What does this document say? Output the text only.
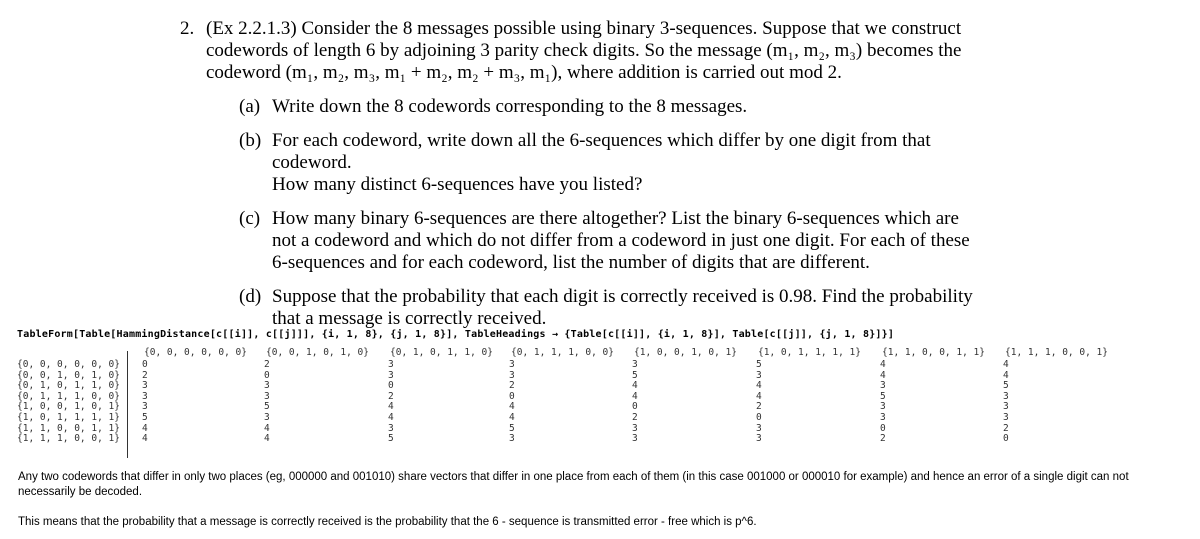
2. (Ex 2.2.1.3) Consider the 8 messages possible using binary 3-sequences. Suppose that we construct
codewords of length 6 by adjoining 3 parity check digits. So the message (m₁, m₂, m₃) becomes the
codeword (m₁, m₂, m₃, m₁ + m₂, m₂ + m₃, m₁), where addition is carried out mod 2.
(a) Write down the 8 codewords corresponding to the 8 messages.
(b) For each codeword, write down all the 6-sequences which differ by one digit from that codeword.
How many distinct 6-sequences have you listed?
(c) How many binary 6-sequences are there altogether? List the binary 6-sequences which are
not a codeword and which do not differ from a codeword in just one digit. For each of these
6-sequences and for each codeword, list the number of digits that are different.
(d) Suppose that the probability that each digit is correctly received is 0.98. Find the probability
that a message is correctly received.
TableForm[Table[HammingDistance[c[[i]], c[[j]]], {i, 1, 8}, {j, 1, 8}], TableHeadings → {Table[c[[i]], {i, 1, 8}], Table[c[[j]], {j, 1, 8}]}]
{0, 0, 0, 0, 0, 0} {0, 0, 1, 0, 1, 0} {0, 1, 0, 1, 1, 0} {0, 1, 1, 1, 0, 0} {1, 0, 0, 1, 0, 1} {1, 0, 1, 1, 1, 1} {1, 1, 0, 0, 1, 1} {1, 1, 1, 0, 0, 1}
{0, 0, 0, 0, 0, 0} 0	2	3	3	3	5	4	4
{0, 0, 1, 0, 1, 0} 2	0	3	3	5	3	4	4
{0, 1, 0, 1, 1, 0} 3	3	0	2	4	4	3	5
{0, 1, 1, 1, 0, 0} 3	3	2	0	4	4	5	3
{1, 0, 0, 1, 0, 1} 3	5	4	4	0	2	3	3
{1, 0, 1, 1, 1, 1} 5	3	4	4	2	0	3	3
{1, 1, 0, 0, 1, 1} 4	4	3	5	3	3	0	2
{1, 1, 1, 0, 0, 1} 4	4	5	3	3	3	2	0
Any two codewords that differ in only two places (eg, 000000 and 001010) share vectors that differ in one place from each of them (in this case 001000 or 000010 for example) and hence an error of a single digit can not necessarily be decoded.
This means that the probability that a message is correctly received is the probability that the 6 - sequence is transmitted error - free which is p^6.
